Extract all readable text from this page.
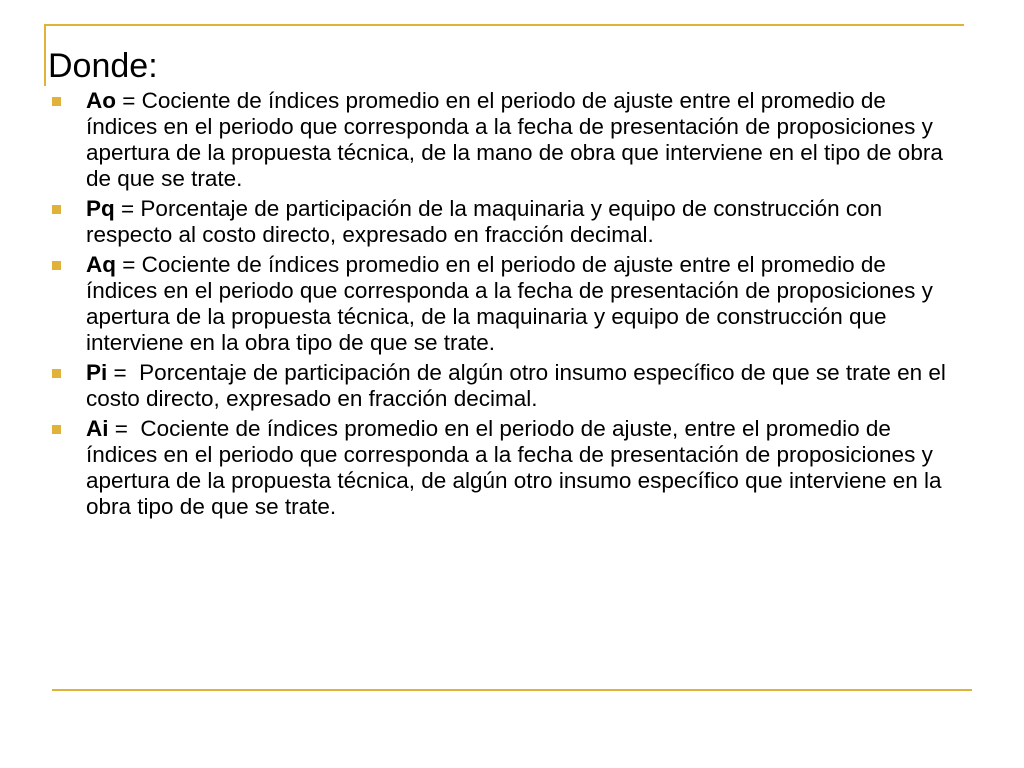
Donde:
Ao = Cociente de índices promedio en el periodo de ajuste entre el promedio de índices en el periodo que corresponda a la fecha de presentación de proposiciones y apertura de la propuesta técnica, de la mano de obra que interviene en el tipo de obra de que se trate.
Pq = Porcentaje de participación de la maquinaria y equipo de construcción con respecto al costo directo, expresado en fracción decimal.
Aq = Cociente de índices promedio en el periodo de ajuste entre el promedio de índices en el periodo que corresponda a la fecha de presentación de proposiciones y apertura de la propuesta técnica, de la maquinaria y equipo de construcción que interviene en la obra tipo de que se trate.
Pi =  Porcentaje de participación de algún otro insumo específico de que se trate en el costo directo, expresado en fracción decimal.
Ai =  Cociente de índices promedio en el periodo de ajuste, entre el promedio de índices en el periodo que corresponda a la fecha de presentación de proposiciones y apertura de la propuesta técnica, de algún otro insumo específico que interviene en la obra tipo de que se trate.
